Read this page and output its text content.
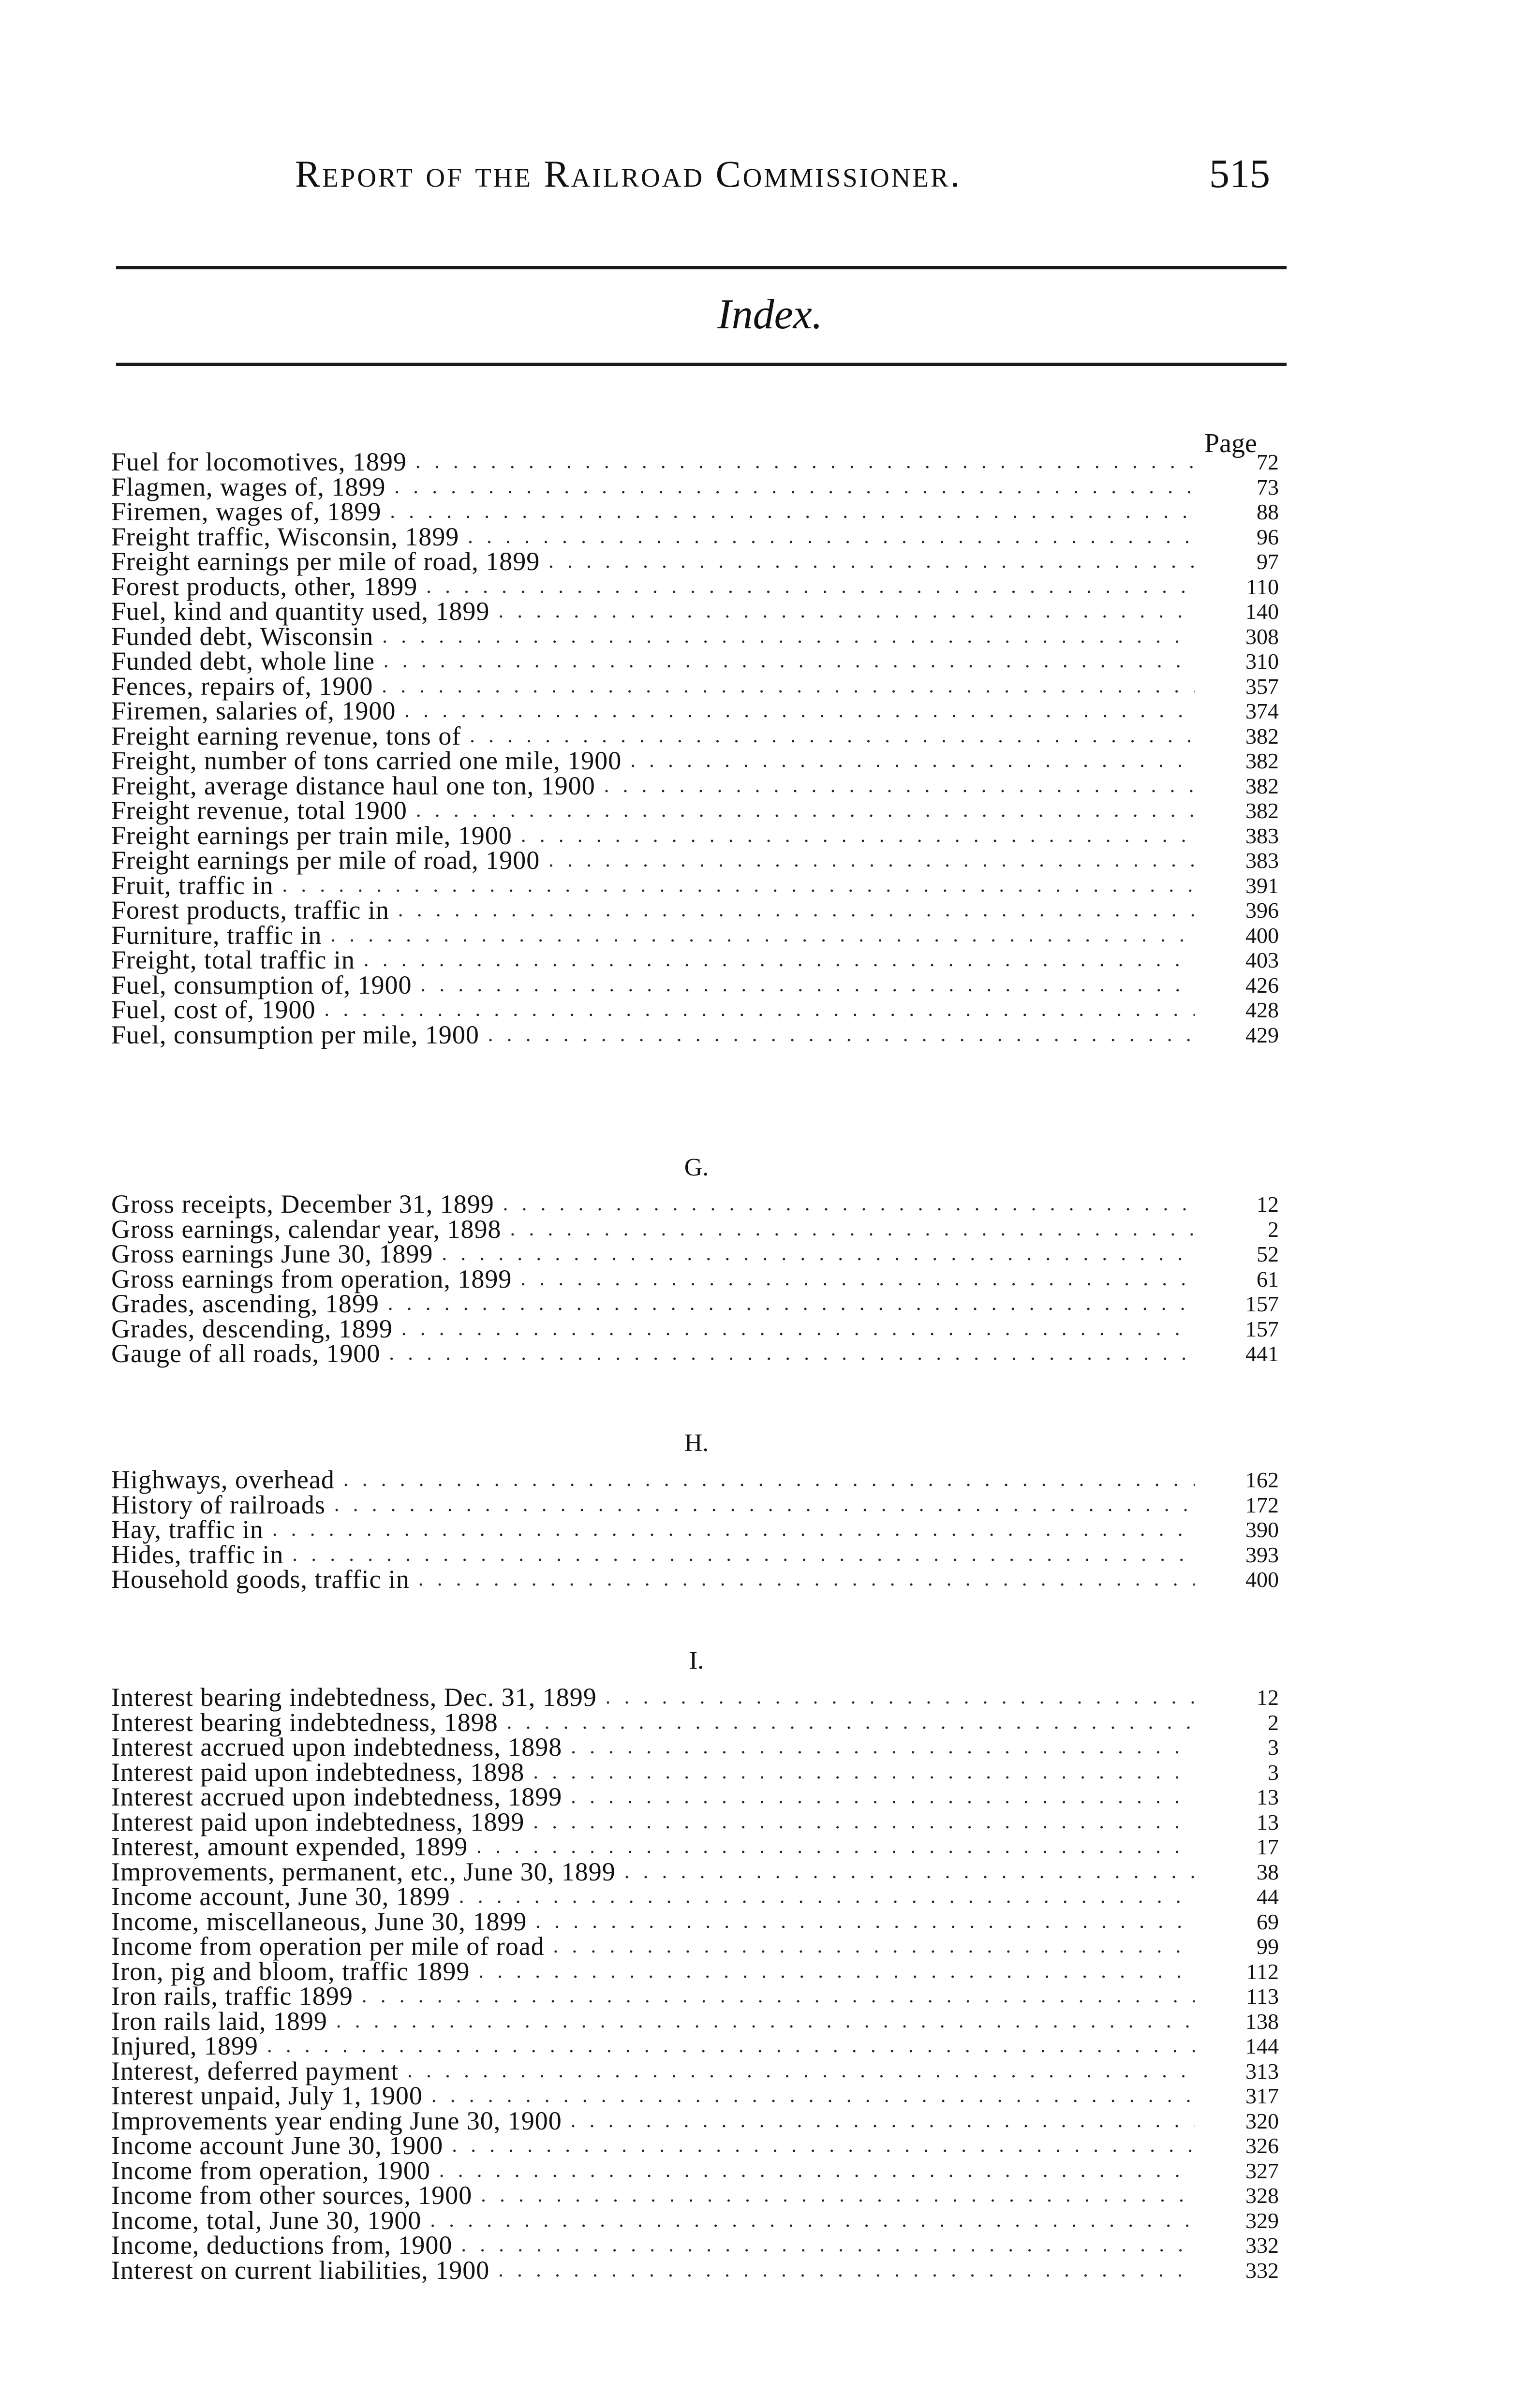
Report of the Railroad Commissioner.	515
Index.
Page
Fuel for locomotives, 1899 . . .	72
Flagmen, wages of, 1899 . . .	73
Firemen, wages of, 1899 . . .	88
Freight traffic, Wisconsin, 1899 . . .	96
Freight earnings per mile of road, 1899 . . .	97
Forest products, other, 1899 . . .	110
Fuel, kind and quantity used, 1899 . . .	140
Funded debt, Wisconsin . . .	308
Funded debt, whole line . . .	310
Fences, repairs of, 1900 . . .	357
Firemen, salaries of, 1900 . . .	374
Freight earning revenue, tons of . . .	382
Freight, number of tons carried one mile, 1900 . . .	382
Freight, average distance haul one ton, 1900 . . .	382
Freight revenue, total 1900 . . .	382
Freight earnings per train mile, 1900 . . .	383
Freight earnings per mile of road, 1900 . . .	383
Fruit, traffic in . . .	391
Forest products, traffic in . . .	396
Furniture, traffic in . . .	400
Freight, total traffic in . . .	403
Fuel, consumption of, 1900 . . .	426
Fuel, cost of, 1900 . . .	428
Fuel, consumption per mile, 1900 . . .	429
G.
Gross receipts, December 31, 1899 . . .	12
Gross earnings, calendar year, 1898 . . .	2
Gross earnings June 30, 1899 . . .	52
Gross earnings from operation, 1899 . . .	61
Grades, ascending, 1899 . . .	157
Grades, descending, 1899 . . .	157
Gauge of all roads, 1900 . . .	441
H.
Highways, overhead . . .	162
History of railroads . . .	172
Hay, traffic in . . .	390
Hides, traffic in . . .	393
Household goods, traffic in . . .	400
I.
Interest bearing indebtedness, Dec. 31, 1899 . . .	12
Interest bearing indebtedness, 1898 . . .	2
Interest accrued upon indebtedness, 1898 . . .	3
Interest paid upon indebtedness, 1898 . . .	3
Interest accrued upon indebtedness, 1899 . . .	13
Interest paid upon indebtedness, 1899 . . .	13
Interest, amount expended, 1899 . . .	17
Improvements, permanent, etc., June 30, 1899 . . .	38
Income account, June 30, 1899 . . .	44
Income, miscellaneous, June 30, 1899 . . .	69
Income from operation per mile of road . . .	99
Iron, pig and bloom, traffic 1899 . . .	112
Iron rails, traffic 1899 . . .	113
Iron rails laid, 1899 . . .	138
Injured, 1899 . . .	144
Interest, deferred payment . . .	313
Interest unpaid, July 1, 1900 . . .	317
Improvements year ending June 30, 1900 . . .	320
Income account June 30, 1900 . . .	326
Income from operation, 1900 . . .	327
Income from other sources, 1900 . . .	328
Income, total, June 30, 1900 . . .	329
Income, deductions from, 1900 . . .	332
Interest on current liabilities, 1900 . . .	332
